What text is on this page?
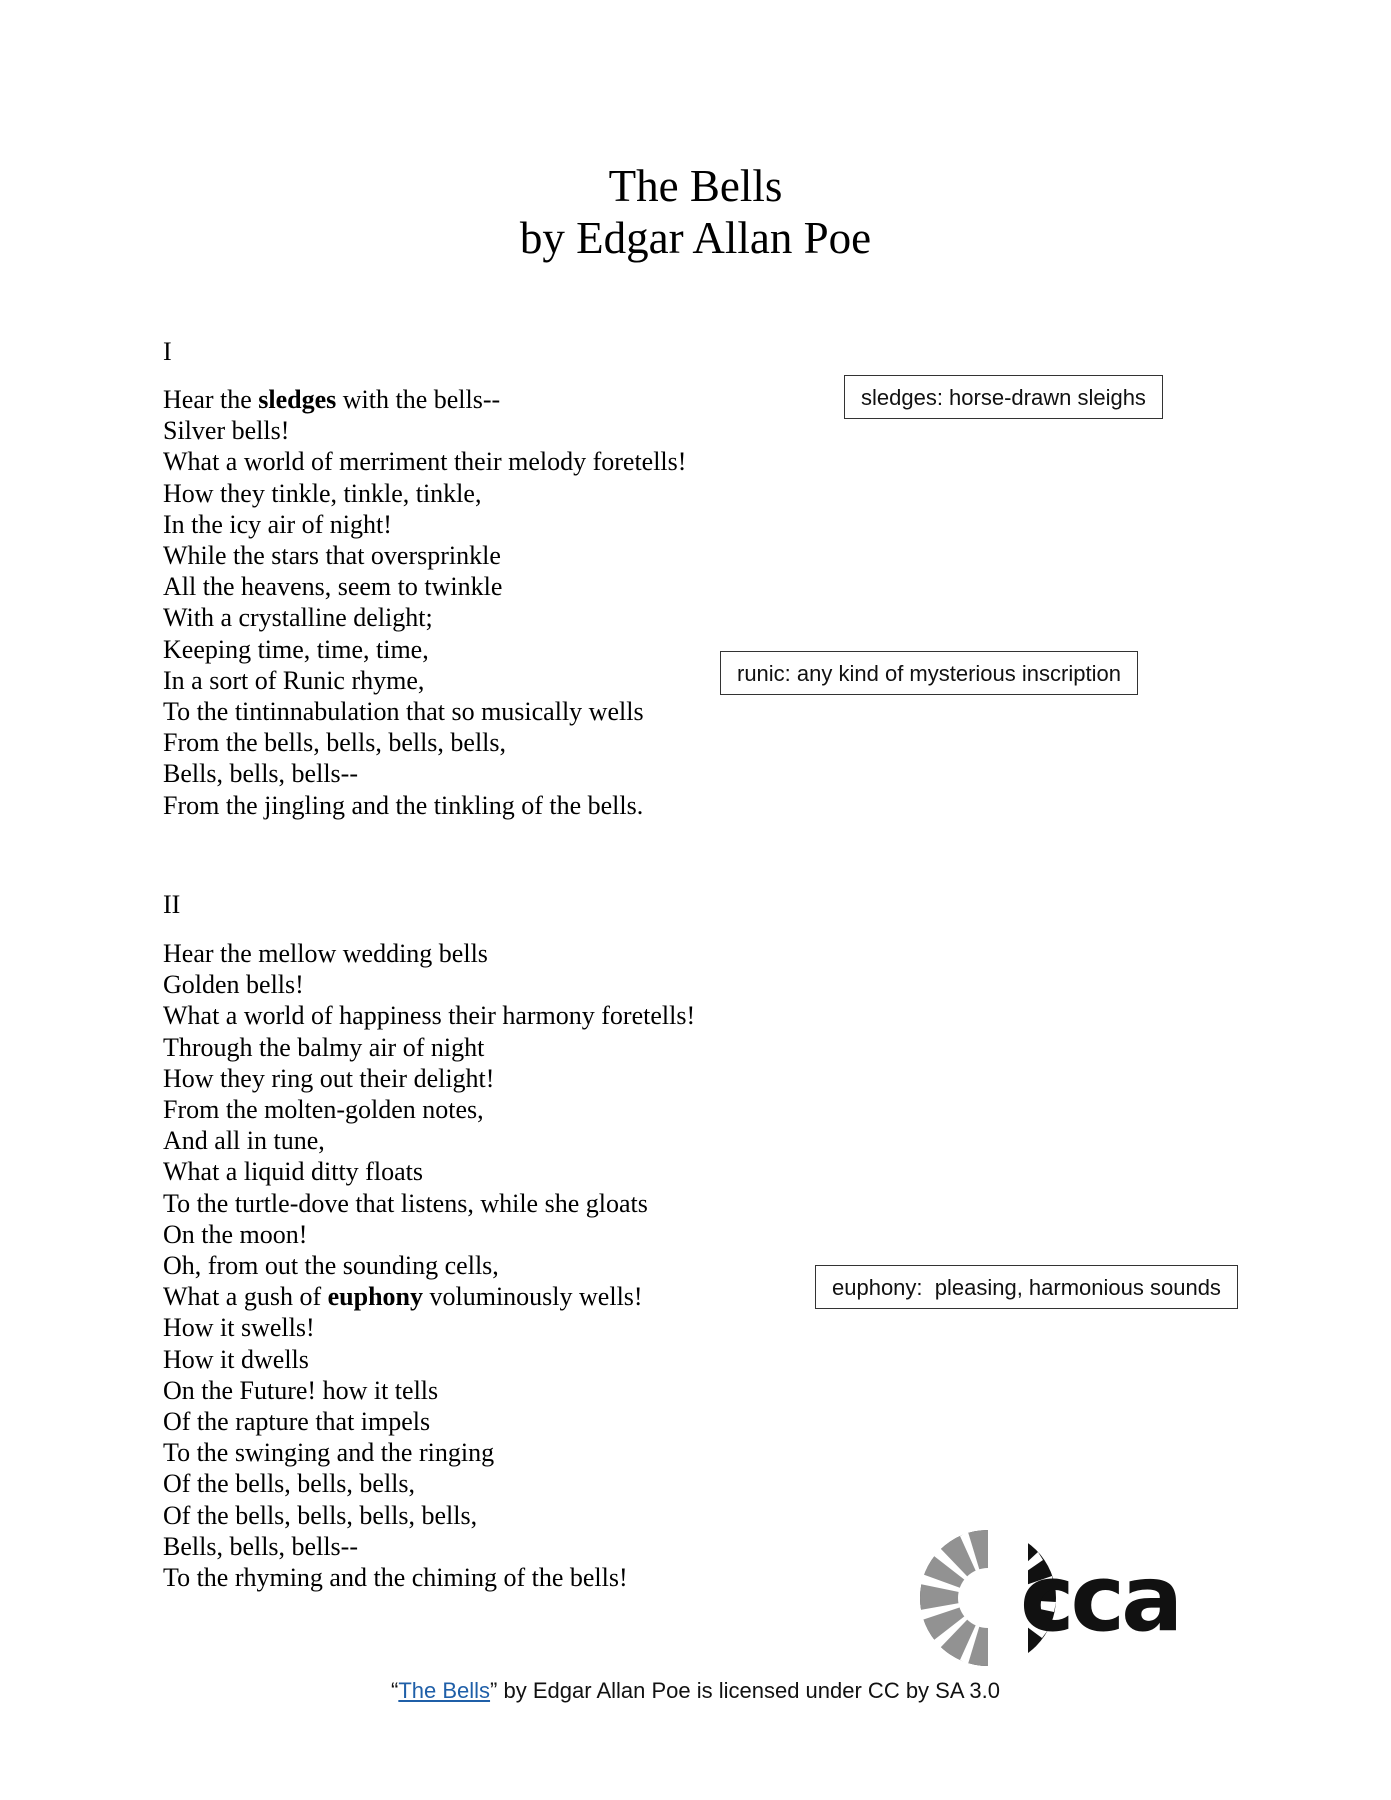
The Bells
by Edgar Allan Poe
I
Hear the sledges with the bells--
Silver bells!
What a world of merriment their melody foretells!
How they tinkle, tinkle, tinkle,
In the icy air of night!
While the stars that oversprinkle
All the heavens, seem to twinkle
With a crystalline delight;
Keeping time, time, time,
In a sort of Runic rhyme,
To the tintinnabulation that so musically wells
From the bells, bells, bells, bells,
Bells, bells, bells--
From the jingling and the tinkling of the bells.
II
Hear the mellow wedding bells
Golden bells!
What a world of happiness their harmony foretells!
Through the balmy air of night
How they ring out their delight!
From the molten-golden notes,
And all in tune,
What a liquid ditty floats
To the turtle-dove that listens, while she gloats
On the moon!
Oh, from out the sounding cells,
What a gush of euphony voluminously wells!
How it swells!
How it dwells
On the Future! how it tells
Of the rapture that impels
To the swinging and the ringing
Of the bells, bells, bells,
Of the bells, bells, bells, bells,
Bells, bells, bells--
To the rhyming and the chiming of the bells!
sledges: horse-drawn sleighs
runic: any kind of mysterious inscription
euphony:  pleasing, harmonious sounds
cca
“The Bells” by Edgar Allan Poe is licensed under CC by SA 3.0
